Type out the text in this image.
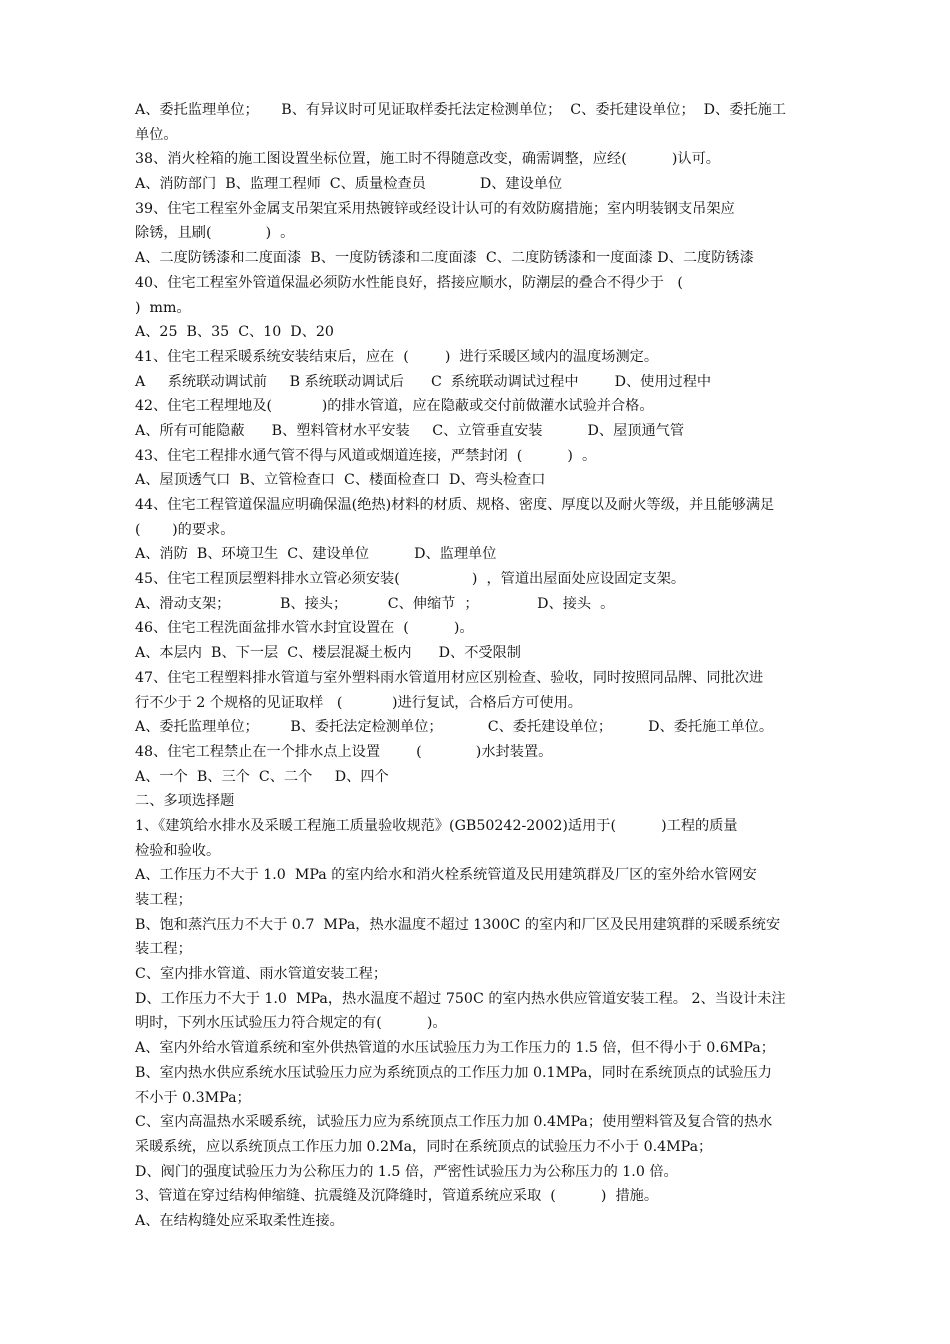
A、委托监理单位；     B、有异议时可见证取样委托法定检测单位；  C、委托建设单位；  D、委托施工
单位。
38、消火栓箱的施工图设置坐标位置，施工时不得随意改变，确需调整，应经(          )认可。
A、消防部门  B、监理工程师  C、质量检查员            D、建设单位
39、住宅工程室外金属支吊架宜采用热镀锌或经设计认可的有效防腐措施；室内明装钢支吊架应
除锈，且刷(            )  。
A、二度防锈漆和二度面漆  B、一度防锈漆和二度面漆  C、二度防锈漆和一度面漆 D、二度防锈漆
40、住宅工程室外管道保温必须防水性能良好，搭接应顺水，防潮层的叠合不得少于   (
)  mm。
A、25  B、35  C、10  D、20
41、住宅工程采暖系统安装结束后，应在  (        )  进行采暖区域内的温度场测定。
A     系统联动调试前     B 系统联动调试后      C  系统联动调试过程中        D、使用过程中
42、住宅工程埋地及(           )的排水管道，应在隐蔽或交付前做灌水试验并合格。
A、所有可能隐蔽      B、塑料管材水平安装     C、立管垂直安装          D、屋顶通气管
43、住宅工程排水通气管不得与风道或烟道连接，严禁封闭  (          )  。
A、屋顶透气口  B、立管检查口  C、楼面检查口  D、弯头检查口
44、住宅工程管道保温应明确保温(绝热)材料的材质、规格、密度、厚度以及耐火等级，并且能够满足
(       )的要求。
A、消防  B、环境卫生  C、建设单位          D、监理单位
45、住宅工程顶层塑料排水立管必须安装(                )  ，管道出屋面处应设固定支架。
A、滑动支架；           B、接头；         C、伸缩节  ；             D、接头  。
46、住宅工程洗面盆排水管水封宜设置在  (          )。
A、本层内  B、下一层  C、楼层混凝土板内      D、不受限制
47、住宅工程塑料排水管道与室外塑料雨水管道用材应区别检查、验收，同时按照同品牌、同批次进
行不少于 2 个规格的见证取样   (           )进行复试，合格后方可使用。
A、委托监理单位；       B、委托法定检测单位；          C、委托建设单位；        D、委托施工单位。
48、住宅工程禁止在一个排水点上设置        (            )水封装置。
A、一个  B、三个  C、二个     D、四个
二、多项选择题
1、《建筑给水排水及采暖工程施工质量验收规范》(GB50242-2002)适用于(          )工程的质量
检验和验收。
A、工作压力不大于 1.0  MPa 的室内给水和消火栓系统管道及民用建筑群及厂区的室外给水管网安
装工程；
B、饱和蒸汽压力不大于 0.7  MPa，热水温度不超过 1300C 的室内和厂区及民用建筑群的采暖系统安
装工程；
C、室内排水管道、雨水管道安装工程；
D、工作压力不大于 1.0  MPa，热水温度不超过 750C 的室内热水供应管道安装工程。 2、当设计未注
明时，下列水压试验压力符合规定的有(          )。
A、室内外给水管道系统和室外供热管道的水压试验压力为工作压力的 1.5 倍，但不得小于 0.6MPa；
B、室内热水供应系统水压试验压力应为系统顶点的工作压力加 0.1MPa，同时在系统顶点的试验压力
不小于 0.3MPa；
C、室内高温热水采暖系统，试验压力应为系统顶点工作压力加 0.4MPa；使用塑料管及复合管的热水
采暖系统，应以系统顶点工作压力加 0.2Ma，同时在系统顶点的试验压力不小于 0.4MPa；
D、阀门的强度试验压力为公称压力的 1.5 倍，严密性试验压力为公称压力的 1.0 倍。
3、管道在穿过结构伸缩缝、抗震缝及沉降缝时，管道系统应采取  (          )  措施。
A、在结构缝处应采取柔性连接。
